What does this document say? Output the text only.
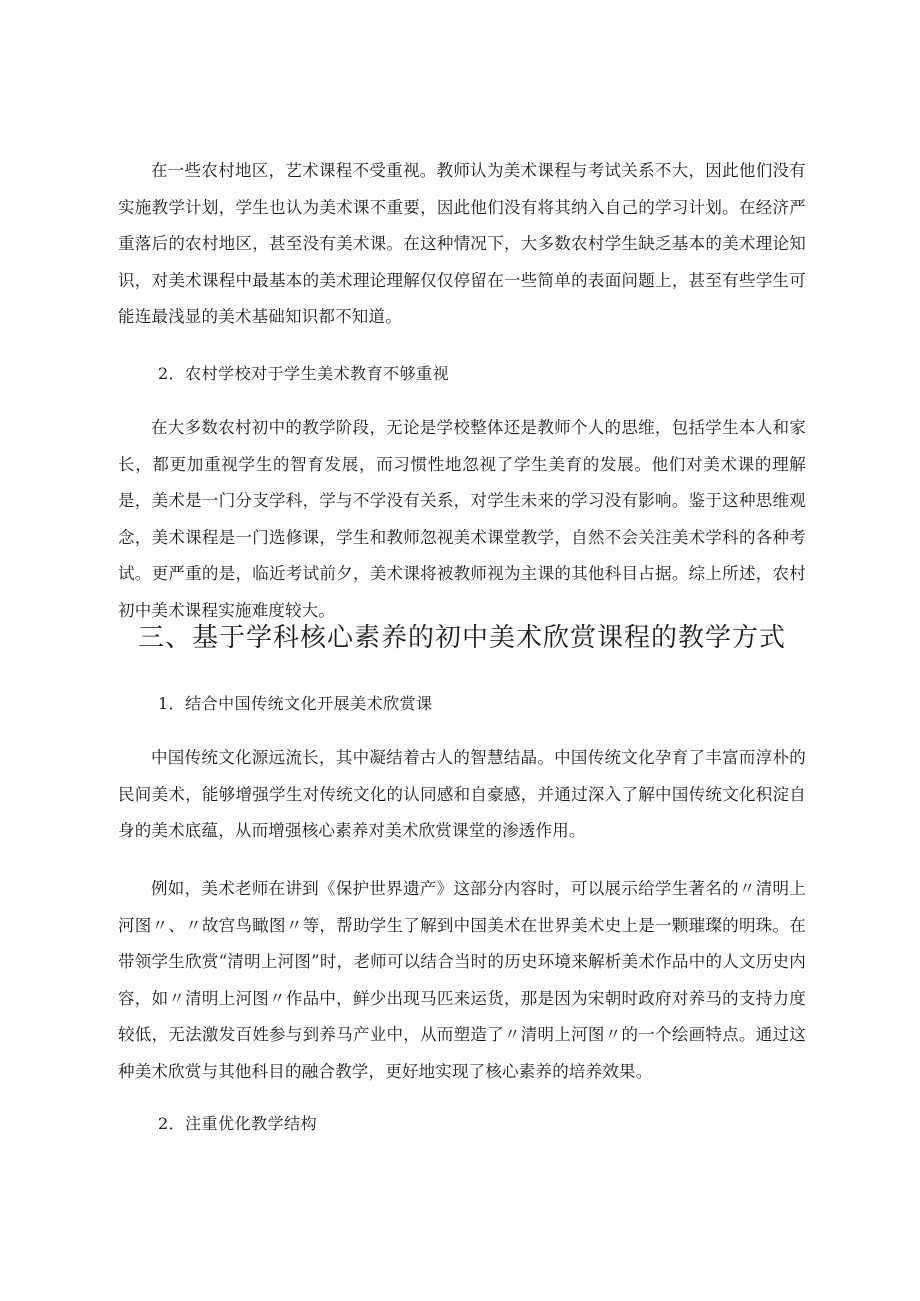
在一些农村地区，艺术课程不受重视。教师认为美术课程与考试关系不大，因此他们没有实施教学计划，学生也认为美术课不重要，因此他们没有将其纳入自己的学习计划。在经济严重落后的农村地区，甚至没有美术课。在这种情况下，大多数农村学生缺乏基本的美术理论知识，对美术课程中最基本的美术理论理解仅仅停留在一些简单的表面问题上，甚至有些学生可能连最浅显的美术基础知识都不知道。

2．农村学校对于学生美术教育不够重视

在大多数农村初中的教学阶段，无论是学校整体还是教师个人的思维，包括学生本人和家长，都更加重视学生的智育发展，而习惯性地忽视了学生美育的发展。他们对美术课的理解是，美术是一门分支学科，学与不学没有关系，对学生未来的学习没有影响。鉴于这种思维观念，美术课程是一门选修课，学生和教师忽视美术课堂教学，自然不会关注美术学科的各种考试。更严重的是，临近考试前夕，美术课将被教师视为主课的其他科目占据。综上所述，农村初中美术课程实施难度较大。

三、基于学科核心素养的初中美术欣赏课程的教学方式

1．结合中国传统文化开展美术欣赏课

中国传统文化源远流长，其中凝结着古人的智慧结晶。中国传统文化孕育了丰富而淳朴的民间美术，能够增强学生对传统文化的认同感和自豪感，并通过深入了解中国传统文化积淀自身的美术底蕴，从而增强核心素养对美术欣赏课堂的渗透作用。

例如，美术老师在讲到《保护世界遗产》这部分内容时，可以展示给学生著名的〃清明上河图〃、〃故宫鸟瞰图〃等，帮助学生了解到中国美术在世界美术史上是一颗璀璨的明珠。在带领学生欣赏“清明上河图”时，老师可以结合当时的历史环境来解析美术作品中的人文历史内容，如〃清明上河图〃作品中，鲜少出现马匹来运货，那是因为宋朝时政府对养马的支持力度较低，无法激发百姓参与到养马产业中，从而塑造了〃清明上河图〃的一个绘画特点。通过这种美术欣赏与其他科目的融合教学，更好地实现了核心素养的培养效果。

2．注重优化教学结构
